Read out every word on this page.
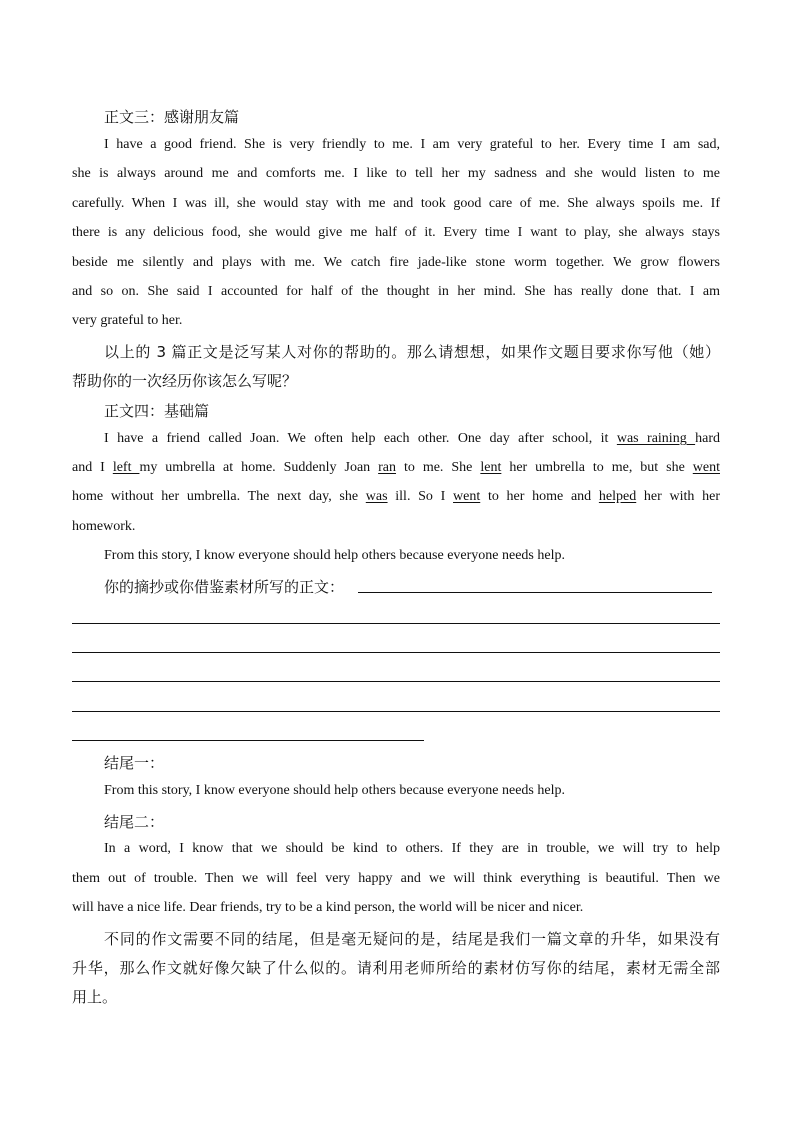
正文三：感谢朋友篇
I have a good friend. She is very friendly to me. I am very grateful to her. Every time I am sad,
she is always around me and comforts me. I like to tell her my sadness and she would listen to me
carefully. When I was ill, she would stay with me and took good care of me. She always spoils me. If
there is any delicious food, she would give me half of it. Every time I want to play, she always stays
beside me silently and plays with me. We catch fire jade-like stone worm together. We grow flowers
and so on. She said I accounted for half of the thought in her mind. She has really done that. I am
very grateful to her.
以上的 3 篇正文是泛写某人对你的帮助的。那么请想想，如果作文题目要求你写他（她）
帮助你的一次经历你该怎么写呢？
正文四：基础篇
I have a friend called Joan. We often help each other. One day after school, it was raining hard
and I left my umbrella at home. Suddenly Joan ran to me. She lent her umbrella to me, but she went
home without her umbrella. The next day, she was ill. So I went to her home and helped her with her
homework.
From this story, I know everyone should help others because everyone needs help.
你的摘抄或你借鉴素材所写的正文：
结尾一：
From this story, I know everyone should help others because everyone needs help.
结尾二：
In a word, I know that we should be kind to others. If they are in trouble, we will try to help
them out of trouble. Then we will feel very happy and we will think everything is beautiful. Then we
will have a nice life. Dear friends, try to be a kind person, the world will be nicer and nicer.
不同的作文需要不同的结尾，但是毫无疑问的是，结尾是我们一篇文章的升华，如果没有
升华，那么作文就好像欠缺了什么似的。请利用老师所给的素材仿写你的结尾，素材无需全部
用上。
